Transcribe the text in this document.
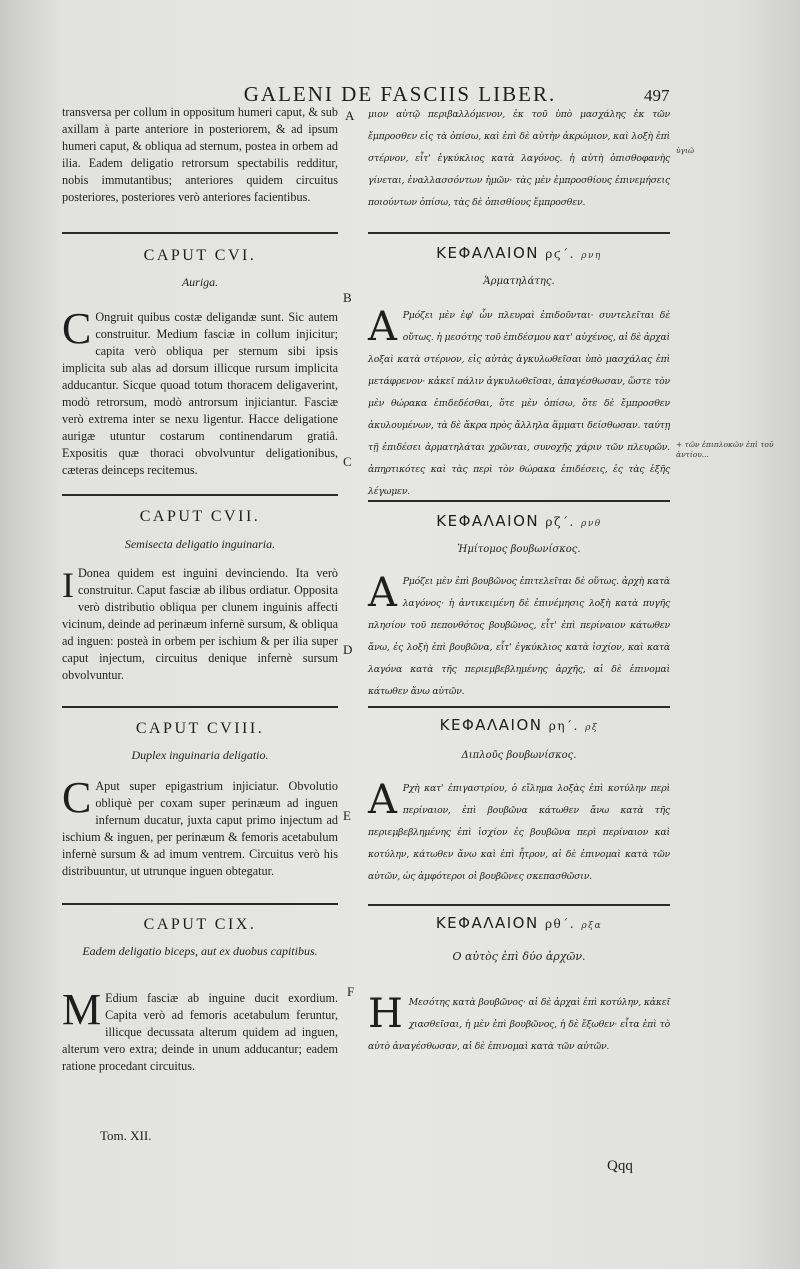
GALENI DE FASCIIS LIBER.	497
transversa per collum in oppositum humeri caput, & sub axillam à parte anteriore in posteriorem, & ad ipsum humeri caput, & obliqua ad sternum, postea in orbem ad ilia. Eadem deligatio retrorsum spectabilis redditur, nobis immutantibus; anteriores quidem circuitus posteriores, posteriores verò anteriores facientibus.
CAPUT CVI.
Auriga.
C Ongruit quibus costæ deligandæ sunt. Sic autem construitur. Medium fasciæ in collum injicitur; capita verò obliqua per sternum sibi ipsis implicita sub alas ad dorsum illicque rursum implicita adducantur. Sicque quoad totum thoracem deligaverint, modò retrorsum, modò antrorsum injiciantur. Fasciæ verò extrema inter se nexu ligentur. Hacce deligatione aurigæ utuntur costarum continendarum gratiâ. Expositis quæ thoraci obvolvuntur deligationibus, cæteras deinceps recitemus.
CAPUT CVII.
Semisecta deligatio inguinaria.
I Donea quidem est inguini devinciendo. Ita verò construitur. Caput fasciæ ab ilibus ordiatur. Opposita verò distributio obliqua per clunem inguinis affecti vicinum, deinde ad perinæum infernè sursum, & obliqua ad inguen: posteà in orbem per ischium & per ilia super caput injectum, circuitus denique infernè sursum obvolvuntur.
CAPUT CVIII.
Duplex inguinaria deligatio.
C Aput super epigastrium injiciatur. Obvolutio obliquè per coxam super perinæum ad inguen infernum ducatur, juxta caput primo injectum ad ischium & inguen, per perinæum & femoris acetabulum infernè sursum & ad imum ventrem. Circuitus verò his distribuuntur, ut utrunque inguen obtegatur.
CAPUT CIX.
Eadem deligatio biceps, aut ex duobus capitibus.
M Edium fasciæ ab inguine ducit exordium. Capita verò ad femoris acetabulum feruntur, illicque decussata alterum quidem ad inguen, alterum vero extra; deinde in unum adducantur; eadem ratione procedant circuitus.
A
B
C
D
E
F
μιον αὐτῷ περιβαλλόμενον, ἐκ τοῦ ὑπὸ μασχάλης ἐκ τῶν ἔμπροσθεν εἰς τὰ ὀπίσω, καὶ ἐπὶ δὲ αὐτὴν ἀκρώμιον, καὶ λοξὴ ἐπὶ στέρνον, εἶτ' ἐγκύκλιος κατὰ λαγόνος. ἡ αὐτὴ ὀπισθοφανὴς γίνεται, ἐναλλασσόντων ἡμῶν· τὰς μὲν ἐμπροσθίους ἐπινεμήσεις ποιούντων ὀπίσω, τὰς δὲ ὀπισθίους ἔμπροσθεν.
ὑγιῶ
ΚΕΦΑΛΑΙΟΝ ρϛ΄. ρνη
Ἁρματηλάτης.
Α Ρμόζει μὲν ἐφ' ὧν πλευραὶ ἐπιδοῦνται· συντελεῖται δὲ οὕτως. ἡ μεσότης τοῦ ἐπιδέσμου κατ' αὐχένος, αἱ δὲ ἀρχαὶ λοξαὶ κατὰ στέρνον, εἰς αὐτὰς ἀγκυλωθεῖσαι ὑπὸ μασχάλας ἐπὶ μετάφρενον· κἀκεῖ πάλιν ἀγκυλωθεῖσαι, ἀπαγέσθωσαν, ὥστε τὸν μὲν θώρακα ἐπιδεδέσθαι, ὅτε μὲν ὀπίσω, ὅτε δὲ ἔμπροσθεν ἀκυλουμένων, τὰ δὲ ἄκρα πρὸς ἄλληλα ἅμματι δείσθωσαν. ταύτῃ τῇ ἐπιδέσει ἁρματηλάται χρῶνται, συνοχῆς χάριν τῶν πλευρῶν. ἀπηρτικότες καὶ τὰς περὶ τὸν θώρακα ἐπιδέσεις, ἐς τὰς ἑξῆς λέγωμεν.
+ τῶν ἐπιπλοκῶν ἐπὶ τοῦ ἀντίου...
ΚΕΦΑΛΑΙΟΝ ρζ΄. ρνθ
Ἡμίτομος βουβωνίσκος.
Α Ρμόζει μὲν ἐπὶ βουβῶνος ἐπιτελεῖται δὲ οὕτως. ἀρχὴ κατὰ λαγόνος· ἡ ἀντικειμένη δὲ ἐπινέμησις λοξὴ κατὰ πυγῆς πλησίον τοῦ πεπονθότος βουβῶνος, εἶτ' ἐπὶ περίναιον κάτωθεν ἄνω, ἐς λοξὴ ἐπὶ βουβῶνα, εἶτ' ἐγκύκλιος κατὰ ἰσχίον, καὶ κατὰ λαγόνα κατὰ τῆς περιεμβεβλημένης ἀρχῆς, αἱ δὲ ἐπινομαὶ κάτωθεν ἄνω αὐτῶν.
ΚΕΦΑΛΑΙΟΝ ρη΄. ρξ
Διπλοῦς βουβωνίσκος.
Α Ρχὴ κατ' ἐπιγαστρίου, ὁ εἴλημα λοξὰς ἐπὶ κοτύλην περὶ περίναιον, ἐπὶ βουβῶνα κάτωθεν ἄνω κατὰ τῆς περιεμβεβλημένης ἐπὶ ἰσχίον ἐς βουβῶνα περὶ περίναιον καὶ κοτύλην, κάτωθεν ἄνω καὶ ἐπὶ ἦτρον, αἱ δὲ ἐπινομαὶ κατὰ τῶν αὐτῶν, ὡς ἀμφότεροι οἱ βουβῶνες σκεπασθῶσιν.
ΚΕΦΑΛΑΙΟΝ ρθ΄. ρξα
Ο αὐτὸς ἐπὶ δύο ἀρχῶν.
Η Μεσότης κατὰ βουβῶνος· αἱ δὲ ἀρχαὶ ἐπὶ κοτύλην, κἀκεῖ χιασθεῖσαι, ἡ μὲν ἐπὶ βουβῶνος, ἡ δὲ ἔξωθεν· εἶτα ἐπὶ τὸ αὐτὸ ἀναγέσθωσαν, αἱ δὲ ἐπινομαὶ κατὰ τῶν αὐτῶν.
Tom. XII.
Qqq
